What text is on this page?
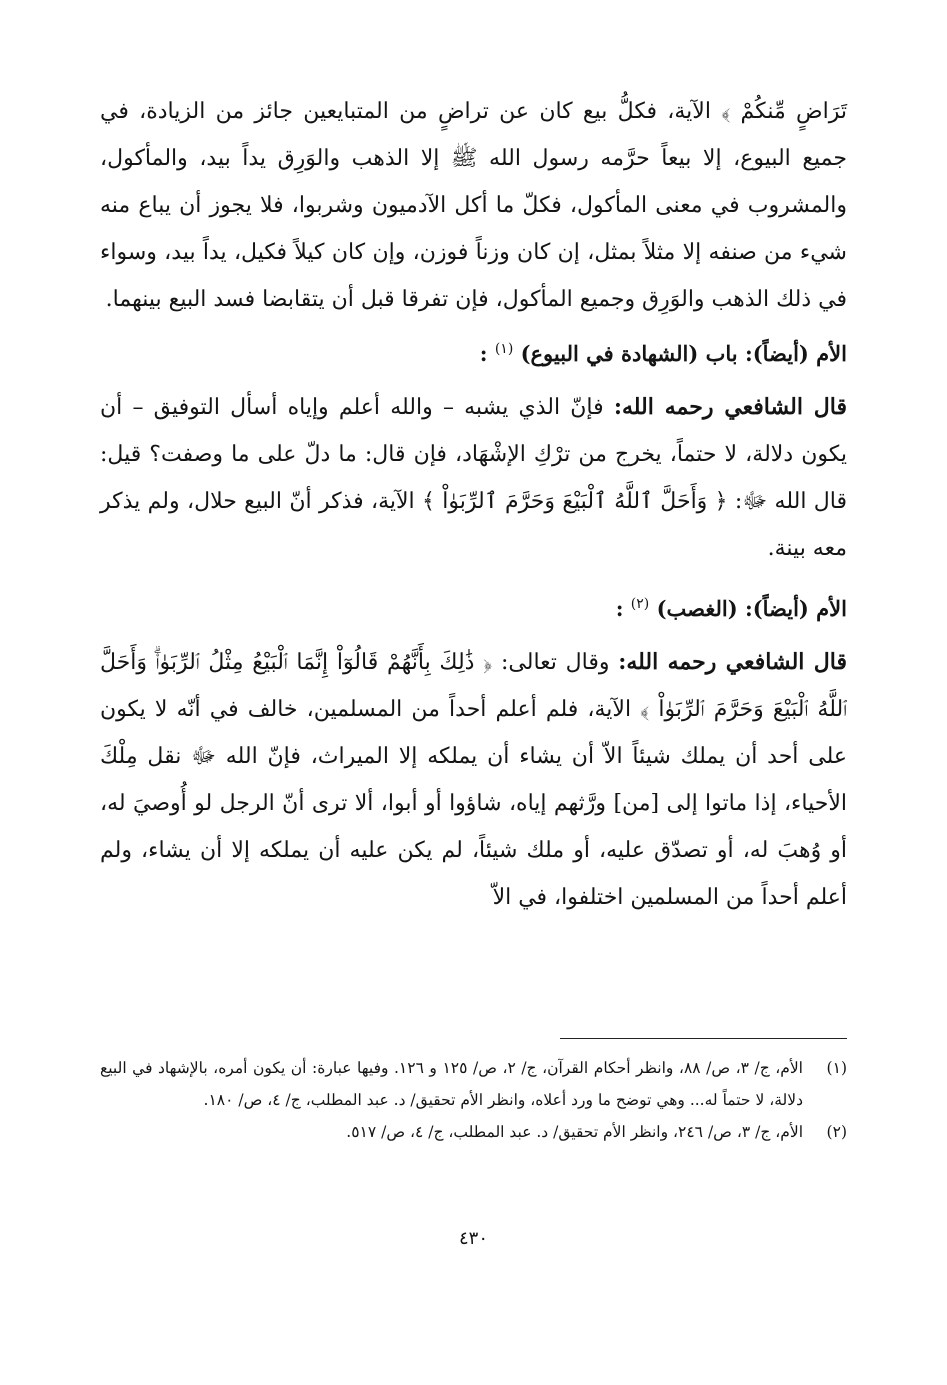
تَرَاضٍ مِّنكُمْ ﴾ الآية، فكلُّ بيع كان عن تراضٍ من المتبايعين جائز من الزيادة، في جميع البيوع، إلا بيعاً حرَّمه رسول الله ﷺ إلا الذهب والوَرِق يداً بيد، والمأكول، والمشروب في معنى المأكول، فكلّ ما أكل الآدميون وشربوا، فلا يجوز أن يباع منه شيء من صنفه إلا مثلاً بمثل، إن كان وزناً فوزن، وإن كان كيلاً فكيل، يداً بيد، وسواء في ذلك الذهب والوَرِق وجميع المأكول، فإن تفرقا قبل أن يتقابضا فسد البيع بينهما.

الأم (أيضاً): باب (الشهادة في البيوع) $^{(١)}$ :

قال الشافعي رحمه الله: فإنّ الذي يشبه – والله أعلم وإياه أسأل التوفيق – أن يكون دلالة، لا حتماً، يخرج من ترْكِ الإشْهَاد، فإن قال: ما دلّ على ما وصفت؟ قيل: قال الله ﷻ: ﴿ وَأَحَلَّ ٱللَّهُ ٱلْبَيْعَ وَحَرَّمَ ٱلرِّبَوٰاْ ﴾ الآية، فذكر أنّ البيع حلال، ولم يذكر معه بينة.

الأم (أيضاً): (الغصب) $^{(٢)}$ :

قال الشافعي رحمه الله: وقال تعالى: ﴿ ذَٰلِكَ بِأَنَّهُمْ قَالُوٓاْ إِنَّمَا ٱلْبَيْعُ مِثْلُ ٱلرِّبَوٰاْۗ وَأَحَلَّ ٱللَّهُ ٱلْبَيْعَ وَحَرَّمَ ٱلرِّبَوٰاْ ﴾ الآية، فلم أعلم أحداً من المسلمين، خالف في أنّه لا يكون على أحد أن يملك شيئاً الاّ أن يشاء أن يملكه إلا الميراث، فإنّ الله ﷻ نقل مِلْكَ الأحياء، إذا ماتوا إلى [من] ورَّثهم إياه، شاؤوا أو أبوا، ألا ترى أنّ الرجل لو أُوصيَ له، أو وُهبَ له، أو تصدّق عليه، أو ملك شيئاً، لم يكن عليه أن يملكه إلا أن يشاء، ولم أعلم أحداً من المسلمين اختلفوا، في الاّ

(١)
الأم، ج/ ٣، ص/ ٨٨، وانظر أحكام القرآن، ج/ ٢، ص/ ١٢٥ و ١٢٦. وفيها عبارة: أن يكون أمره، بالإشهاد في البيع دلالة، لا حتماً له... وهي توضح ما ورد أعلاه، وانظر الأم تحقيق/ د. عبد المطلب، ج/ ٤، ص/ ١٨٠.
(٢)
الأم، ج/ ٣، ص/ ٢٤٦، وانظر الأم تحقيق/ د. عبد المطلب، ج/ ٤، ص/ ٥١٧.
٤٣٠
